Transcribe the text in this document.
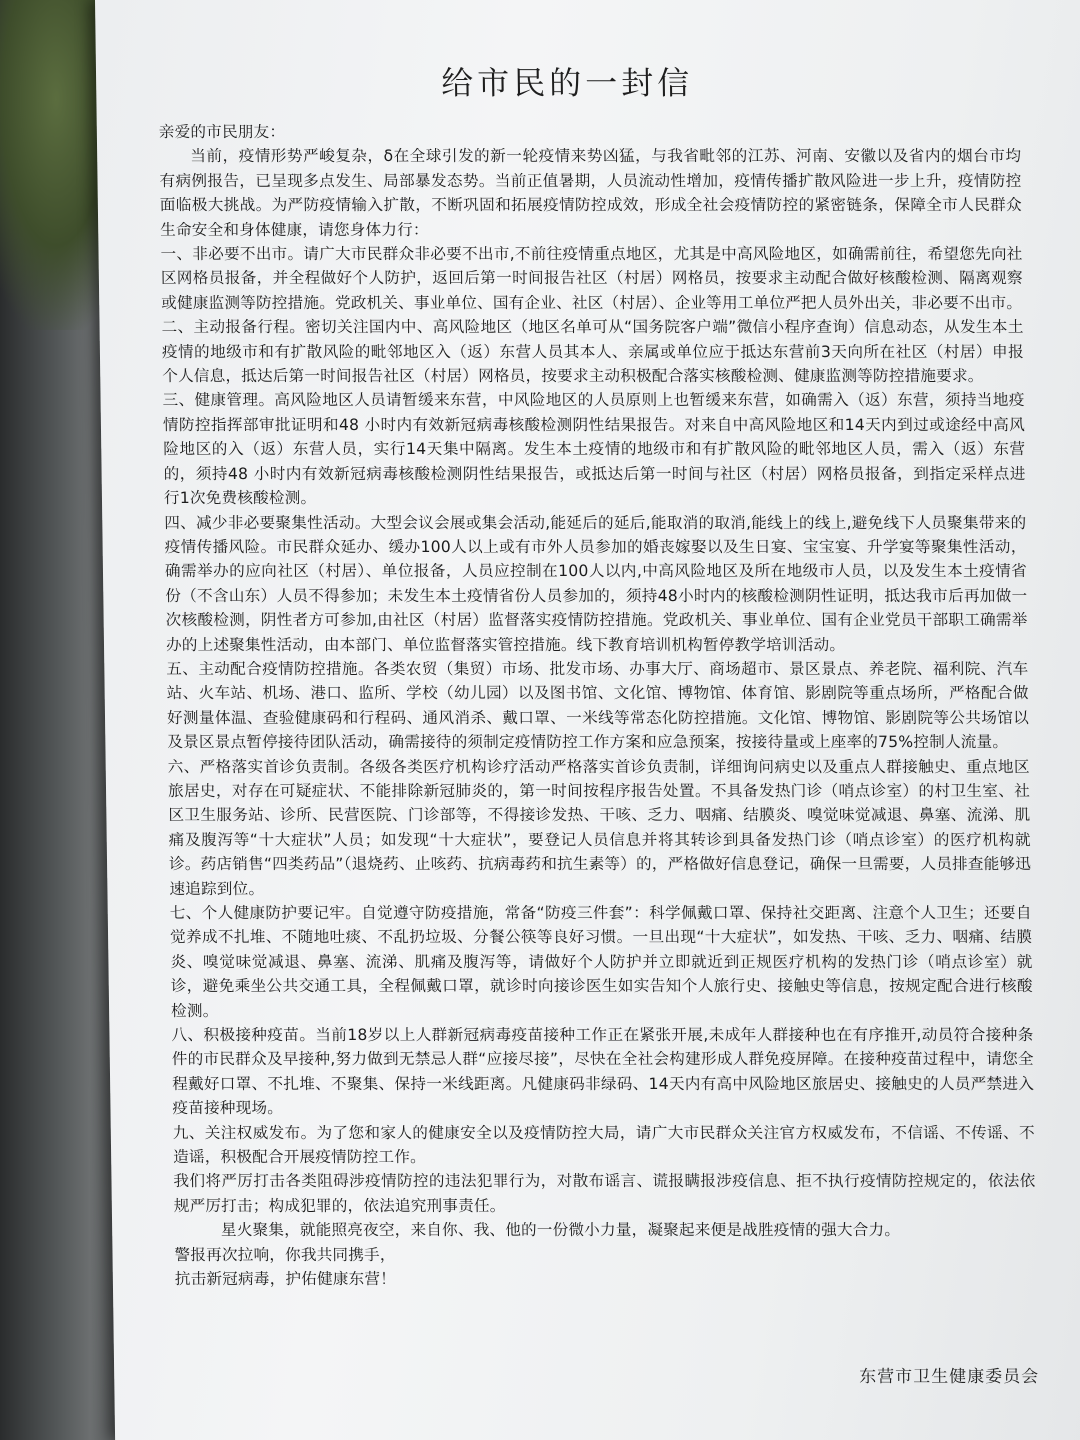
给市民的一封信

亲爱的市民朋友：

当前，疫情形势严峻复杂，δ在全球引发的新一轮疫情来势凶猛，与我省毗邻的江苏、河南、安徽以及省内的烟台市均有病例报告，已呈现多点发生、局部暴发态势。当前正值暑期，人员流动性增加，疫情传播扩散风险进一步上升，疫情防控面临极大挑战。为严防疫情输入扩散，不断巩固和拓展疫情防控成效，形成全社会疫情防控的紧密链条，保障全市人民群众生命安全和身体健康，请您身体力行：

一、非必要不出市。请广大市民群众非必要不出市,不前往疫情重点地区，尤其是中高风险地区，如确需前往，希望您先向社区网格员报备，并全程做好个人防护，返回后第一时间报告社区（村居）网格员，按要求主动配合做好核酸检测、隔离观察或健康监测等防控措施。党政机关、事业单位、国有企业、社区（村居）、企业等用工单位严把人员外出关，非必要不出市。

二、主动报备行程。密切关注国内中、高风险地区（地区名单可从“国务院客户端”微信小程序查询）信息动态，从发生本土疫情的地级市和有扩散风险的毗邻地区入（返）东营人员其本人、亲属或单位应于抵达东营前3天向所在社区（村居）申报个人信息，抵达后第一时间报告社区（村居）网格员，按要求主动积极配合落实核酸检测、健康监测等防控措施要求。

三、健康管理。高风险地区人员请暂缓来东营，中风险地区的人员原则上也暂缓来东营，如确需入（返）东营，须持当地疫情防控指挥部审批证明和48 小时内有效新冠病毒核酸检测阴性结果报告。对来自中高风险地区和14天内到过或途经中高风险地区的入（返）东营人员，实行14天集中隔离。发生本土疫情的地级市和有扩散风险的毗邻地区人员，需入（返）东营的，须持48 小时内有效新冠病毒核酸检测阴性结果报告，或抵达后第一时间与社区（村居）网格员报备，到指定采样点进行1次免费核酸检测。

四、减少非必要聚集性活动。大型会议会展或集会活动,能延后的延后,能取消的取消,能线上的线上,避免线下人员聚集带来的疫情传播风险。市民群众延办、缓办100人以上或有市外人员参加的婚丧嫁娶以及生日宴、宝宝宴、升学宴等聚集性活动，确需举办的应向社区（村居）、单位报备，人员应控制在100人以内,中高风险地区及所在地级市人员，以及发生本土疫情省份（不含山东）人员不得参加；未发生本土疫情省份人员参加的，须持48小时内的核酸检测阴性证明，抵达我市后再加做一次核酸检测，阴性者方可参加,由社区（村居）监督落实疫情防控措施。党政机关、事业单位、国有企业党员干部职工确需举办的上述聚集性活动，由本部门、单位监督落实管控措施。线下教育培训机构暂停教学培训活动。

五、主动配合疫情防控措施。各类农贸（集贸）市场、批发市场、办事大厅、商场超市、景区景点、养老院、福利院、汽车站、火车站、机场、港口、监所、学校（幼儿园）以及图书馆、文化馆、博物馆、体育馆、影剧院等重点场所，严格配合做好测量体温、查验健康码和行程码、通风消杀、戴口罩、一米线等常态化防控措施。文化馆、博物馆、影剧院等公共场馆以及景区景点暂停接待团队活动，确需接待的须制定疫情防控工作方案和应急预案，按接待量或上座率的75%控制人流量。

六、严格落实首诊负责制。各级各类医疗机构诊疗活动严格落实首诊负责制，详细询问病史以及重点人群接触史、重点地区旅居史，对存在可疑症状、不能排除新冠肺炎的，第一时间按程序报告处置。不具备发热门诊（哨点诊室）的村卫生室、社区卫生服务站、诊所、民营医院、门诊部等，不得接诊发热、干咳、乏力、咽痛、结膜炎、嗅觉味觉减退、鼻塞、流涕、肌痛及腹泻等“十大症状”人员；如发现“十大症状”，要登记人员信息并将其转诊到具备发热门诊（哨点诊室）的医疗机构就诊。药店销售“四类药品”（退烧药、止咳药、抗病毒药和抗生素等）的，严格做好信息登记，确保一旦需要，人员排查能够迅速追踪到位。

七、个人健康防护要记牢。自觉遵守防疫措施，常备“防疫三件套”：科学佩戴口罩、保持社交距离、注意个人卫生；还要自觉养成不扎堆、不随地吐痰、不乱扔垃圾、分餐公筷等良好习惯。一旦出现“十大症状”，如发热、干咳、乏力、咽痛、结膜炎、嗅觉味觉减退、鼻塞、流涕、肌痛及腹泻等，请做好个人防护并立即就近到正规医疗机构的发热门诊（哨点诊室）就诊，避免乘坐公共交通工具，全程佩戴口罩，就诊时向接诊医生如实告知个人旅行史、接触史等信息，按规定配合进行核酸检测。

八、积极接种疫苗。当前18岁以上人群新冠病毒疫苗接种工作正在紧张开展,未成年人群接种也在有序推开,动员符合接种条件的市民群众及早接种,努力做到无禁忌人群“应接尽接”，尽快在全社会构建形成人群免疫屏障。在接种疫苗过程中，请您全程戴好口罩、不扎堆、不聚集、保持一米线距离。凡健康码非绿码、14天内有高中风险地区旅居史、接触史的人员严禁进入疫苗接种现场。

九、关注权威发布。为了您和家人的健康安全以及疫情防控大局，请广大市民群众关注官方权威发布，不信谣、不传谣、不造谣，积极配合开展疫情防控工作。

我们将严厉打击各类阻碍涉疫情防控的违法犯罪行为，对散布谣言、谎报瞒报涉疫信息、拒不执行疫情防控规定的，依法依规严厉打击；构成犯罪的，依法追究刑事责任。

星火聚集，就能照亮夜空，来自你、我、他的一份微小力量，凝聚起来便是战胜疫情的强大合力。

警报再次拉响，你我共同携手，

抗击新冠病毒，护佑健康东营！

东营市卫生健康委员会
